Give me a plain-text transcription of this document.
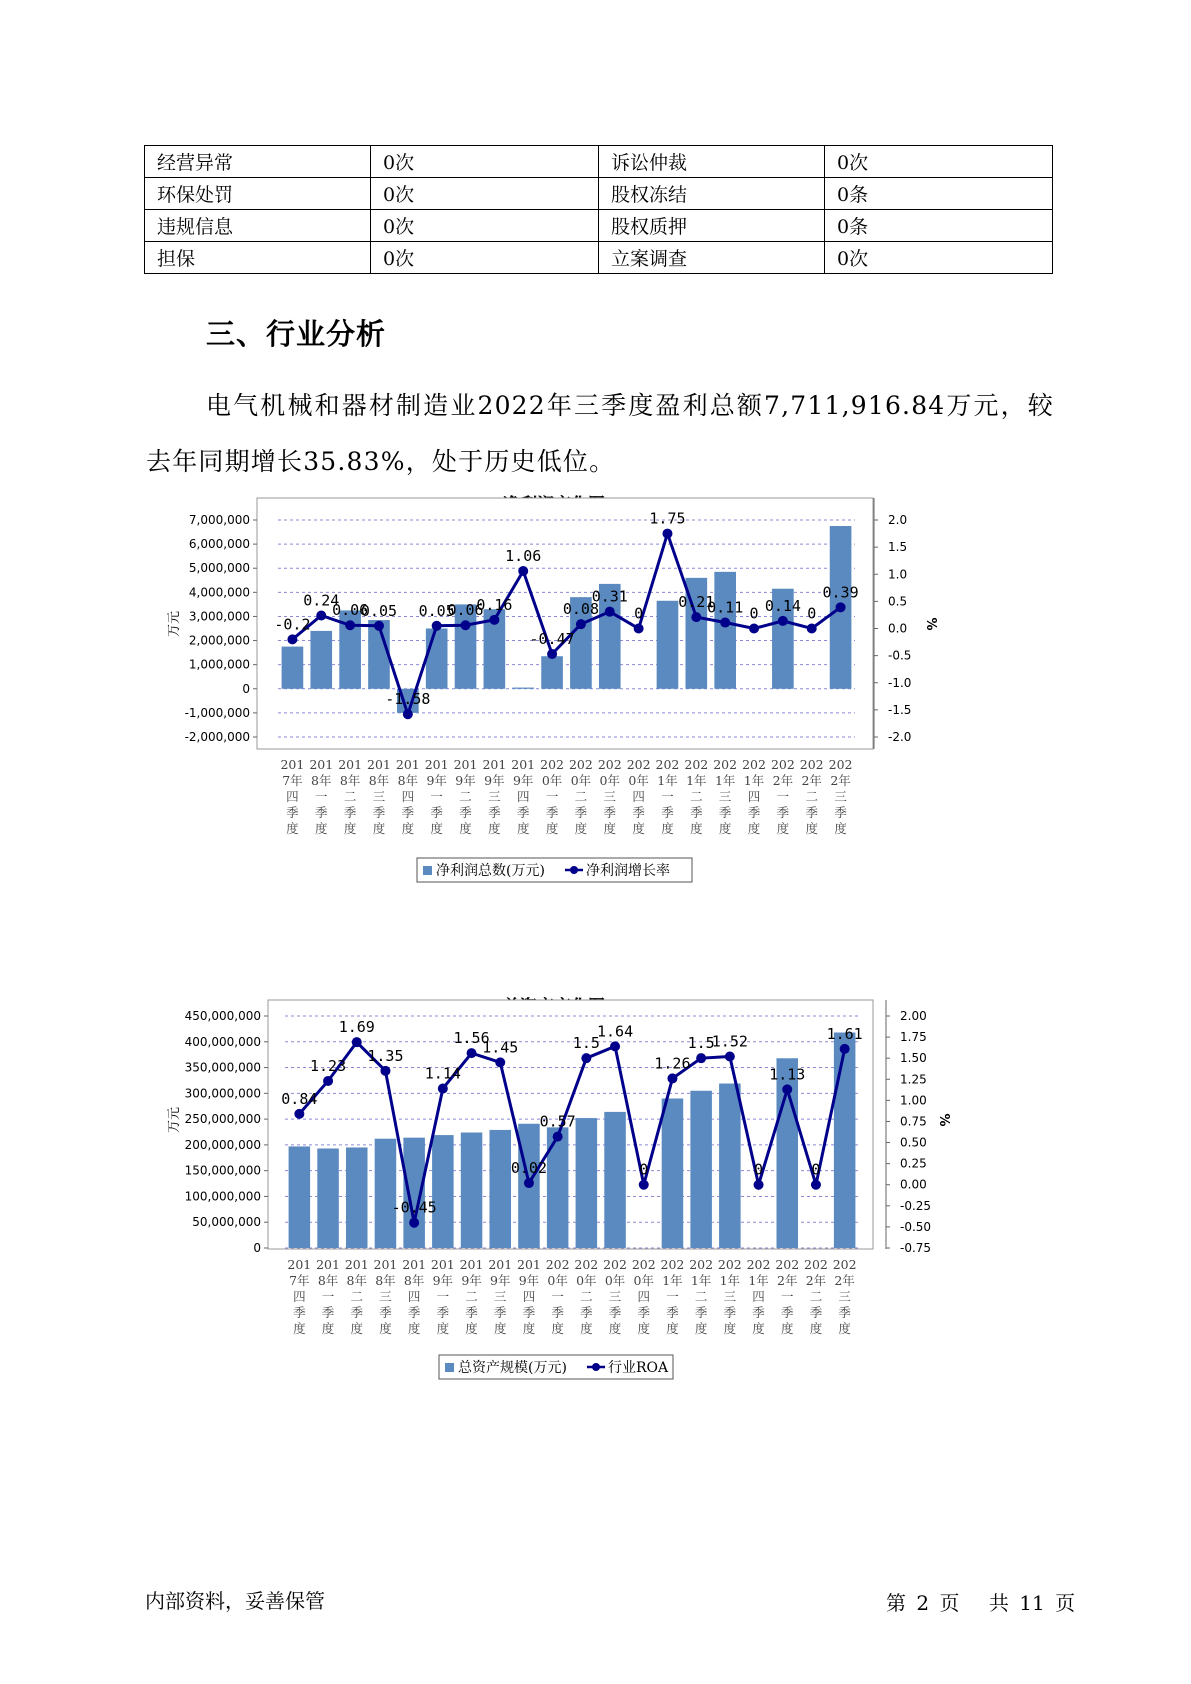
经营异常	0次	诉讼仲裁	0次
环保处罚	0次	股权冻结	0条
违规信息	0次	股权质押	0条
担保	0次	立案调查	0次
三、行业分析

电气机械和器材制造业2022年三季度盈利总额7,711,916.84万元，较去年同期增长35.83%，处于历史低位。

7,000,000
6,000,000
5,000,000
4,000,000
3,000,000
2,000,000
1,000,000
0
-1,000,000
-2,000,000
2.0
1.5
1.0
0.5
0.0
-0.5
-1.0
-1.5
-2.0
万元	%
201 7年四季度
201 8年一季度
201 8年二季度
201 8年三季度
201 8年四季度
201 9年一季度
201 9年二季度
201 9年三季度
201 9年四季度
202 0年一季度
202 0年二季度
202 0年三季度
202 0年四季度
202 1年一季度
202 1年二季度
202 1年三季度
202 1年四季度
202 2年一季度
202 2年二季度
202 2年三季度
-0.2
0.24
0.06
0.05
-1.58
0.05
0.06
0.16
1.06
-0.47
0.08
0.31
0
1.75
0.21
0.11 0 0.14 0
0.39
净利润总数(万元)	净利润增长率
450,000,000
400,000,000
350,000,000
300,000,000
250,000,000
200,000,000
150,000,000
100,000,000
50,000,000
0
2.00
1.75
1.50
1.25
1.00
0.75
0.50
0.25
0.00
-0.25
-0.50
-0.75
万元	%
201 7年四季度
201 8年一季度
201 8年二季度
201 8年三季度
201 8年四季度
201 9年一季度
201 9年二季度
201 9年三季度
201 9年四季度
202 0年一季度
202 0年二季度
202 0年三季度
202 0年四季度
202 1年一季度
202 1年二季度
202 1年三季度
202 1年四季度
202 2年一季度
202 2年二季度
202 2年三季度
0.84
1.23
1.69
1.35
-0.45
1.14
1.56
1.45
0.02
0.57
1.5
1.64
0
1.26
1.5
1.52
0
1.13
0
1.61
总资产规模(万元)	行业ROA
内部资料，妥善保管	第 2 页 共 11 页
